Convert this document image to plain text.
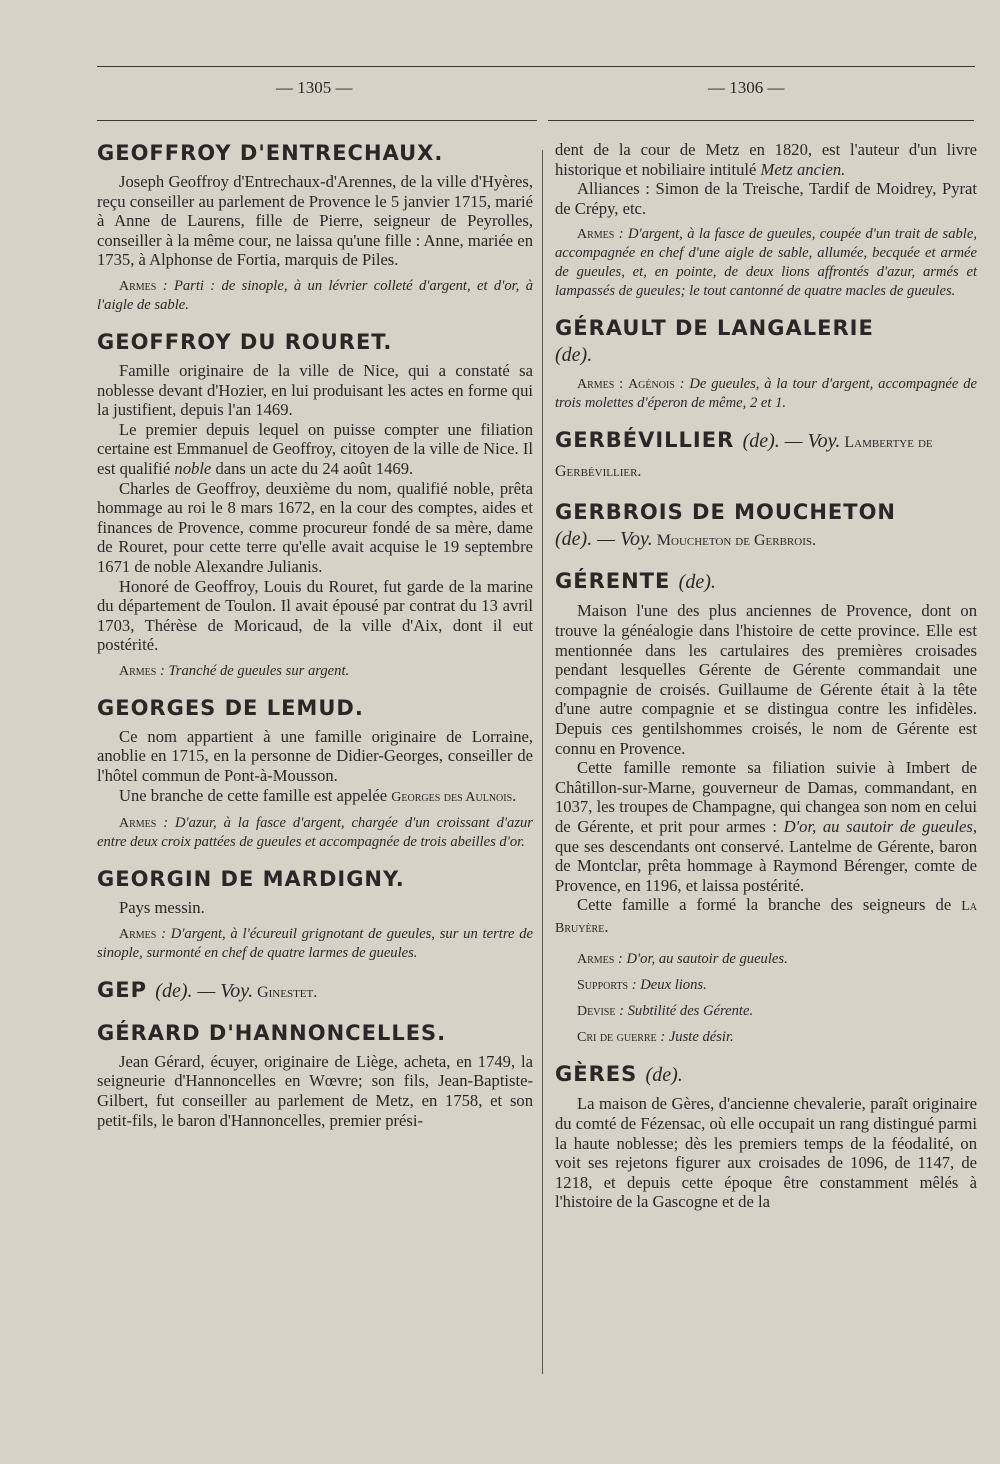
— 1305 —	— 1306 —
GEOFFROY D'ENTRECHAUX.

Joseph Geoffroy d'Entrechaux-d'Arennes, de la ville d'Hyères, reçu conseiller au parlement de Provence le 5 janvier 1715, marié à Anne de Laurens, fille de Pierre, seigneur de Peyrolles, conseiller à la même cour, ne laissa qu'une fille : Anne, mariée en 1735, à Alphonse de Fortia, marquis de Piles.

Armes : Parti : de sinople, à un lévrier colleté d'argent, et d'or, à l'aigle de sable.

GEOFFROY DU ROURET.

Famille originaire de la ville de Nice, qui a constaté sa noblesse devant d'Hozier, en lui produisant les actes en forme qui la justifient, depuis l'an 1469.

Le premier depuis lequel on puisse compter une filiation certaine est Emmanuel de Geoffroy, citoyen de la ville de Nice. Il est qualifié noble dans un acte du 24 août 1469.

Charles de Geoffroy, deuxième du nom, qualifié noble, prêta hommage au roi le 8 mars 1672, en la cour des comptes, aides et finances de Provence, comme procureur fondé de sa mère, dame de Rouret, pour cette terre qu'elle avait acquise le 19 septembre 1671 de noble Alexandre Julianis.

Honoré de Geoffroy, Louis du Rouret, fut garde de la marine du département de Toulon. Il avait épousé par contrat du 13 avril 1703, Thérèse de Moricaud, de la ville d'Aix, dont il eut postérité.

Armes : Tranché de gueules sur argent.

GEORGES DE LEMUD.

Ce nom appartient à une famille originaire de Lorraine, anoblie en 1715, en la personne de Didier-Georges, conseiller de l'hôtel commun de Pont-à-Mousson.

Une branche de cette famille est appelée Georges des Aulnois.

Armes : D'azur, à la fasce d'argent, chargée d'un croissant d'azur entre deux croix pattées de gueules et accompagnée de trois abeilles d'or.

GEORGIN DE MARDIGNY.

Pays messin.

Armes : D'argent, à l'écureuil grignotant de gueules, sur un tertre de sinople, surmonté en chef de quatre larmes de gueules.

GEP (de). — Voy. Ginestet.
GÉRARD D'HANNONCELLES.

Jean Gérard, écuyer, originaire de Liège, acheta, en 1749, la seigneurie d'Hannoncelles en Wœvre; son fils, Jean-Baptiste-Gilbert, fut conseiller au parlement de Metz, en 1758, et son petit-fils, le baron d'Hannoncelles, premier prési-

dent de la cour de Metz en 1820, est l'auteur d'un livre historique et nobiliaire intitulé Metz ancien.

Alliances : Simon de la Treische, Tardif de Moidrey, Pyrat de Crépy, etc.

Armes : D'argent, à la fasce de gueules, coupée d'un trait de sable, accompagnée en chef d'une aigle de sable, allumée, becquée et armée de gueules, et, en pointe, de deux lions affrontés d'azur, armés et lampassés de gueules; le tout cantonné de quatre macles de gueules.

GÉRAULT DE LANGALERIE
(de).

Armes : Agénois : De gueules, à la tour d'argent, accompagnée de trois molettes d'éperon de même, 2 et 1.

GERBÉVILLIER (de). — Voy. Lambertye de Gerbévillier.
GERBROIS DE MOUCHETON
(de). — Voy. Moucheton de Gerbrois.
GÉRENTE (de).

Maison l'une des plus anciennes de Provence, dont on trouve la généalogie dans l'histoire de cette province. Elle est mentionnée dans les cartulaires des premières croisades pendant lesquelles Gérente de Gérente commandait une compagnie de croisés. Guillaume de Gérente était à la tête d'une autre compagnie et se distingua contre les infidèles. Depuis ces gentilshommes croisés, le nom de Gérente est connu en Provence.

Cette famille remonte sa filiation suivie à Imbert de Châtillon-sur-Marne, gouverneur de Damas, commandant, en 1037, les troupes de Champagne, qui changea son nom en celui de Gérente, et prit pour armes : D'or, au sautoir de gueules, que ses descendants ont conservé. Lantelme de Gérente, baron de Montclar, prêta hommage à Raymond Bérenger, comte de Provence, en 1196, et laissa postérité.

Cette famille a formé la branche des seigneurs de La Bruyère.

Armes : D'or, au sautoir de gueules.

Supports : Deux lions.

Devise : Subtilité des Gérente.

Cri de guerre : Juste désir.

GÈRES (de).

La maison de Gères, d'ancienne chevalerie, paraît originaire du comté de Fézensac, où elle occupait un rang distingué parmi la haute noblesse; dès les premiers temps de la féodalité, on voit ses rejetons figurer aux croisades de 1096, de 1147, de 1218, et depuis cette époque être constamment mêlés à l'histoire de la Gascogne et de la
